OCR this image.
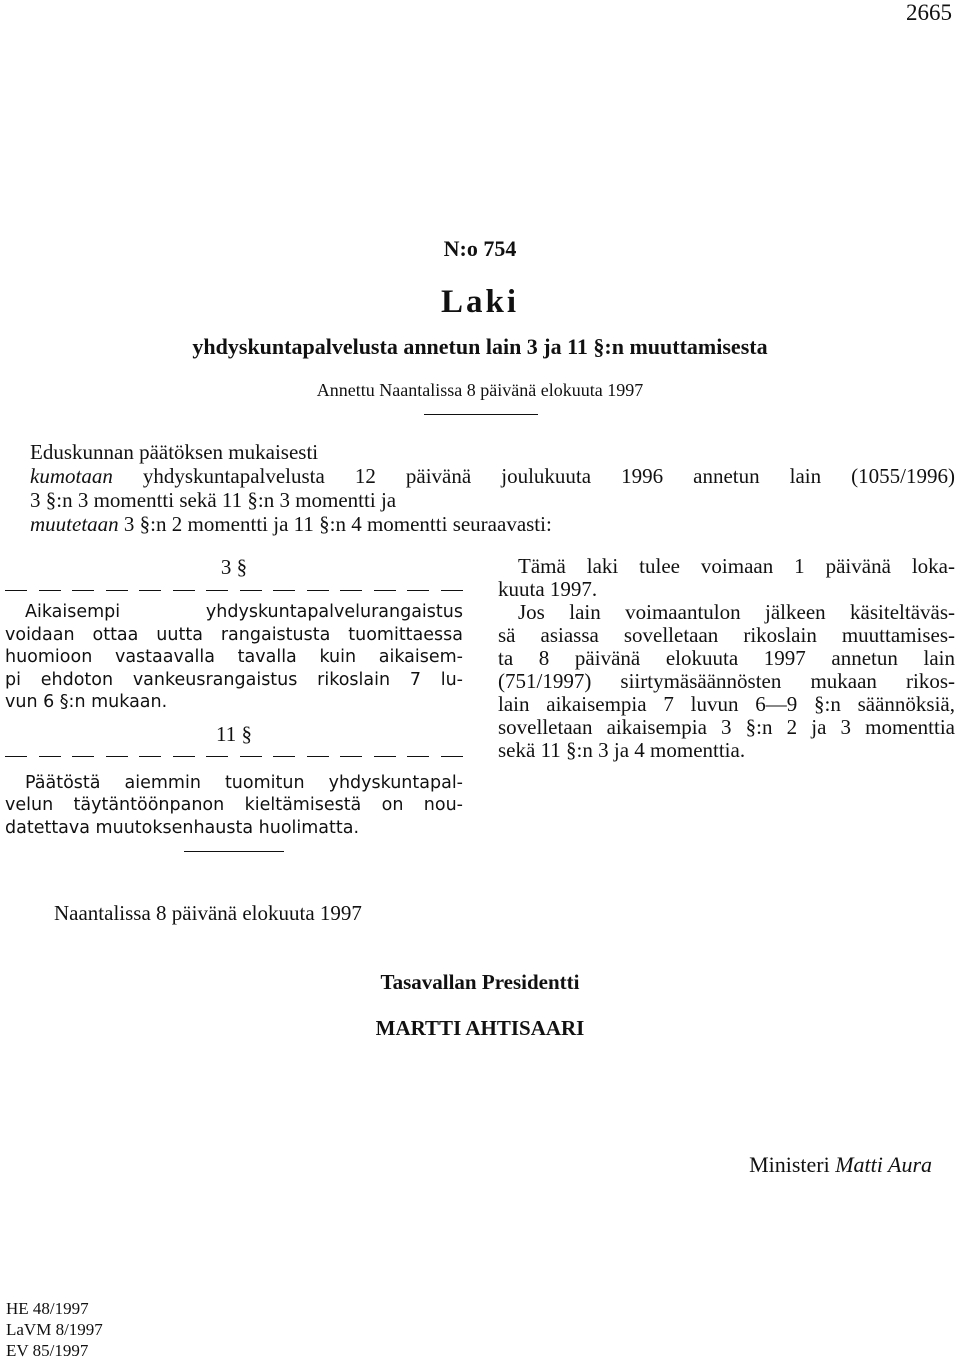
2665
N:o 754
Laki
yhdyskuntapalvelusta annetun lain 3 ja 11 §:n muuttamisesta
Annettu Naantalissa 8 päivänä elokuuta 1997
Eduskunnan päätöksen mukaisesti
kumotaan yhdyskuntapalvelusta 12 päivänä joulukuuta 1996 annetun lain (1055/1996)
3 §:n 3 momentti sekä 11 §:n 3 momentti ja
muutetaan 3 §:n 2 momentti ja 11 §:n 4 momentti seuraavasti:
3 §
Aikaisempi yhdyskuntapalvelurangaistus
voidaan ottaa uutta rangaistusta tuomittaessa
huomioon vastaavalla tavalla kuin aikaisem-
pi ehdoton vankeusrangaistus rikoslain 7 lu-
vun 6 §:n mukaan.
11 §
Päätöstä aiemmin tuomitun yhdyskuntapal-
velun täytäntöönpanon kieltämisestä on nou-
datettava muutoksenhausta huolimatta.
Tämä laki tulee voimaan 1 päivänä loka-
kuuta 1997.
Jos lain voimaantulon jälkeen käsiteltäväs-
sä asiassa sovelletaan rikoslain muuttamises-
ta 8 päivänä elokuuta 1997 annetun lain
(751/1997) siirtymäsäännösten mukaan rikos-
lain aikaisempia 7 luvun 6—9 §:n säännöksiä,
sovelletaan aikaisempia 3 §:n 2 ja 3 momenttia
sekä 11 §:n 3 ja 4 momenttia.
Naantalissa 8 päivänä elokuuta 1997
Tasavallan Presidentti
MARTTI AHTISAARI
Ministeri Matti Aura
HE 48/1997
LaVM 8/1997
EV 85/1997
